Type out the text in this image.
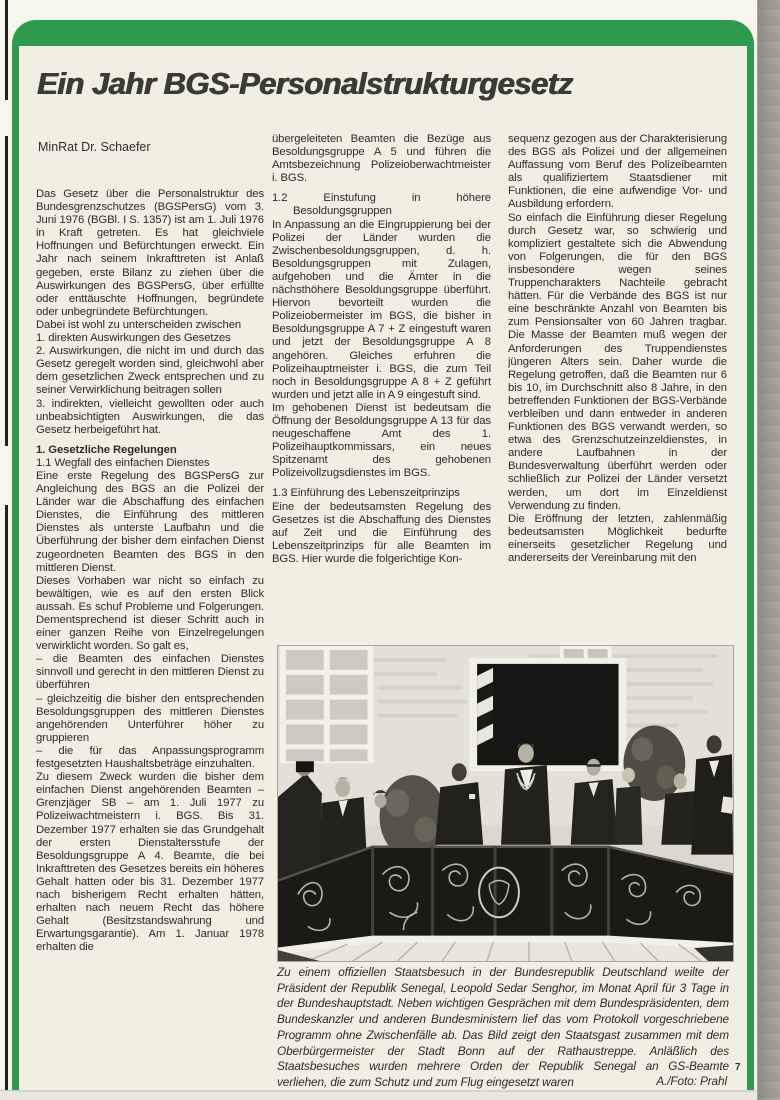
Ein Jahr BGS-Personalstrukturgesetz
MinRat Dr. Schaefer

Das Gesetz über die Personalstruktur des Bundesgrenzschutzes (BGSPersG) vom 3. Juni 1976 (BGBl. I S. 1357) ist am 1. Juli 1976 in Kraft getreten. Es hat gleichviele Hoffnungen und Befürchtungen erweckt. Ein Jahr nach seinem Inkrafttreten ist Anlaß gegeben, erste Bilanz zu ziehen über die Auswirkungen des BGSPersG, über erfüllte oder enttäuschte Hoffnungen, begründete oder unbegründete Befürchtungen.

Dabei ist wohl zu unterscheiden zwischen

1. direkten Auswirkungen des Gesetzes

2. Auswirkungen, die nicht im und durch das Gesetz geregelt worden sind, gleichwohl aber dem gesetzlichen Zweck entsprechen und zu seiner Verwirklichung beitragen sollen

3. indirekten, vielleicht gewollten oder auch unbeabsichtigten Auswirkungen, die das Gesetz herbeigeführt hat.

1. Gesetzliche Regelungen

1.1 Wegfall des einfachen Dienstes

Eine erste Regelung des BGSPersG zur Angleichung des BGS an die Polizei der Länder war die Abschaffung des einfachen Dienstes, die Einführung des mittleren Dienstes als unterste Laufbahn und die Überführung der bisher dem einfachen Dienst zugeordneten Beamten des BGS in den mittleren Dienst.

Dieses Vorhaben war nicht so einfach zu bewältigen, wie es auf den ersten Blick aussah. Es schuf Probleme und Folgerungen. Dementsprechend ist dieser Schritt auch in einer ganzen Reihe von Einzelregelungen verwirklicht worden. So galt es,

– die Beamten des einfachen Dienstes sinnvoll und gerecht in den mittleren Dienst zu überführen

– gleichzeitig die bisher den entsprechenden Besoldungsgruppen des mittleren Dienstes angehörenden Unterführer höher zu gruppieren

– die für das Anpassungsprogramm festgesetzten Haushaltsbeträge einzuhalten.

Zu diesem Zweck wurden die bisher dem einfachen Dienst angehörenden Beamten – Grenzjäger SB – am 1. Juli 1977 zu Polizeiwachtmeistern i. BGS. Bis 31. Dezember 1977 erhalten sie das Grundgehalt der ersten Dienstaltersstufe der Besoldungsgruppe A 4. Beamte, die bei Inkrafttreten des Gesetzes bereits ein höheres Gehalt hatten oder bis 31. Dezember 1977 nach bisherigem Recht erhalten hätten, erhalten nach neuem Recht das höhere Gehalt (Besitzstandswahrung und Erwartungsgarantie). Am 1. Januar 1978 erhalten die

übergeleiteten Beamten die Bezüge aus Besoldungsgruppe A 5 und führen die Amtsbezeichnung Polizeioberwachtmeister i. BGS.

1.2 Einstufung in höhere Besoldungsgruppen

In Anpassung an die Eingruppierung bei der Polizei der Länder wurden die Zwischenbesoldungsgruppen, d. h. Besoldungsgruppen mit Zulagen, aufgehoben und die Ämter in die nächsthöhere Besoldungsgruppe überführt. Hiervon bevorteilt wurden die Polizeiobermeister im BGS, die bisher in Besoldungsgruppe A 7 + Z eingestuft waren und jetzt der Besoldungsgruppe A 8 angehören. Gleiches erfuhren die Polizeihauptmeister i. BGS, die zum Teil noch in Besoldungsgruppe A 8 + Z geführt wurden und jetzt alle in A 9 eingestuft sind.

Im gehobenen Dienst ist bedeutsam die Öffnung der Besoldungsgruppe A 13 für das neugeschaffene Amt des 1. Polizeihauptkommissars, ein neues Spitzenamt des gehobenen Polizeivollzugsdienstes im BGS.

1.3 Einführung des Lebenszeitprinzips

Eine der bedeutsamsten Regelung des Gesetzes ist die Abschaffung des Dienstes auf Zeit und die Einführung des Lebenszeitprinzips für alle Beamten im BGS. Hier wurde die folgerichtige Kon-

sequenz gezogen aus der Charakterisierung des BGS als Polizei und der allgemeinen Auffassung vom Beruf des Polizeibeamten als qualifiziertem Staatsdiener mit Funktionen, die eine aufwendige Vor- und Ausbildung erfordern.

So einfach die Einführung dieser Regelung durch Gesetz war, so schwierig und kompliziert gestaltete sich die Abwendung von Folgerungen, die für den BGS insbesondere wegen seines Truppencharakters Nachteile gebracht hätten. Für die Verbände des BGS ist nur eine beschränkte Anzahl von Beamten bis zum Pensionsalter von 60 Jahren tragbar. Die Masse der Beamten muß wegen der Anforderungen des Truppendienstes jüngeren Alters sein. Daher wurde die Regelung getroffen, daß die Beamten nur 6 bis 10, im Durchschnitt also 8 Jahre, in den betreffenden Funktionen der BGS-Verbände verbleiben und dann entweder in anderen Funktionen des BGS verwandt werden, so etwa des Grenzschutzeinzeldienstes, in andere Laufbahnen in der Bundesverwaltung überführt werden oder schließlich zur Polizei der Länder versetzt werden, um dort im Einzeldienst Verwendung zu finden.

Die Eröffnung der letzten, zahlenmäßig bedeutsamsten Möglichkeit bedurfte einerseits gesetzlicher Regelung und andererseits der Vereinbarung mit den

Zu einem offiziellen Staatsbesuch in der Bundesrepublik Deutschland weilte der Präsident der Republik Senegal, Leopold Sedar Senghor, im Monat April für 3 Tage in der Bundeshauptstadt. Neben wichtigen Gesprächen mit dem Bundespräsidenten, dem Bundeskanzler und anderen Bundesministern lief das vom Protokoll vorgeschriebene Programm ohne Zwischenfälle ab. Das Bild zeigt den Staatsgast zusammen mit dem Oberbürgermeister der Stadt Bonn auf der Rathaustreppe. Anläßlich des Staatsbesuches wurden mehrere Orden der Republik Senegal an GS-Beamte verliehen, die zum Schutz und zum Flug eingesetzt waren	A./Foto: Prahl
7
